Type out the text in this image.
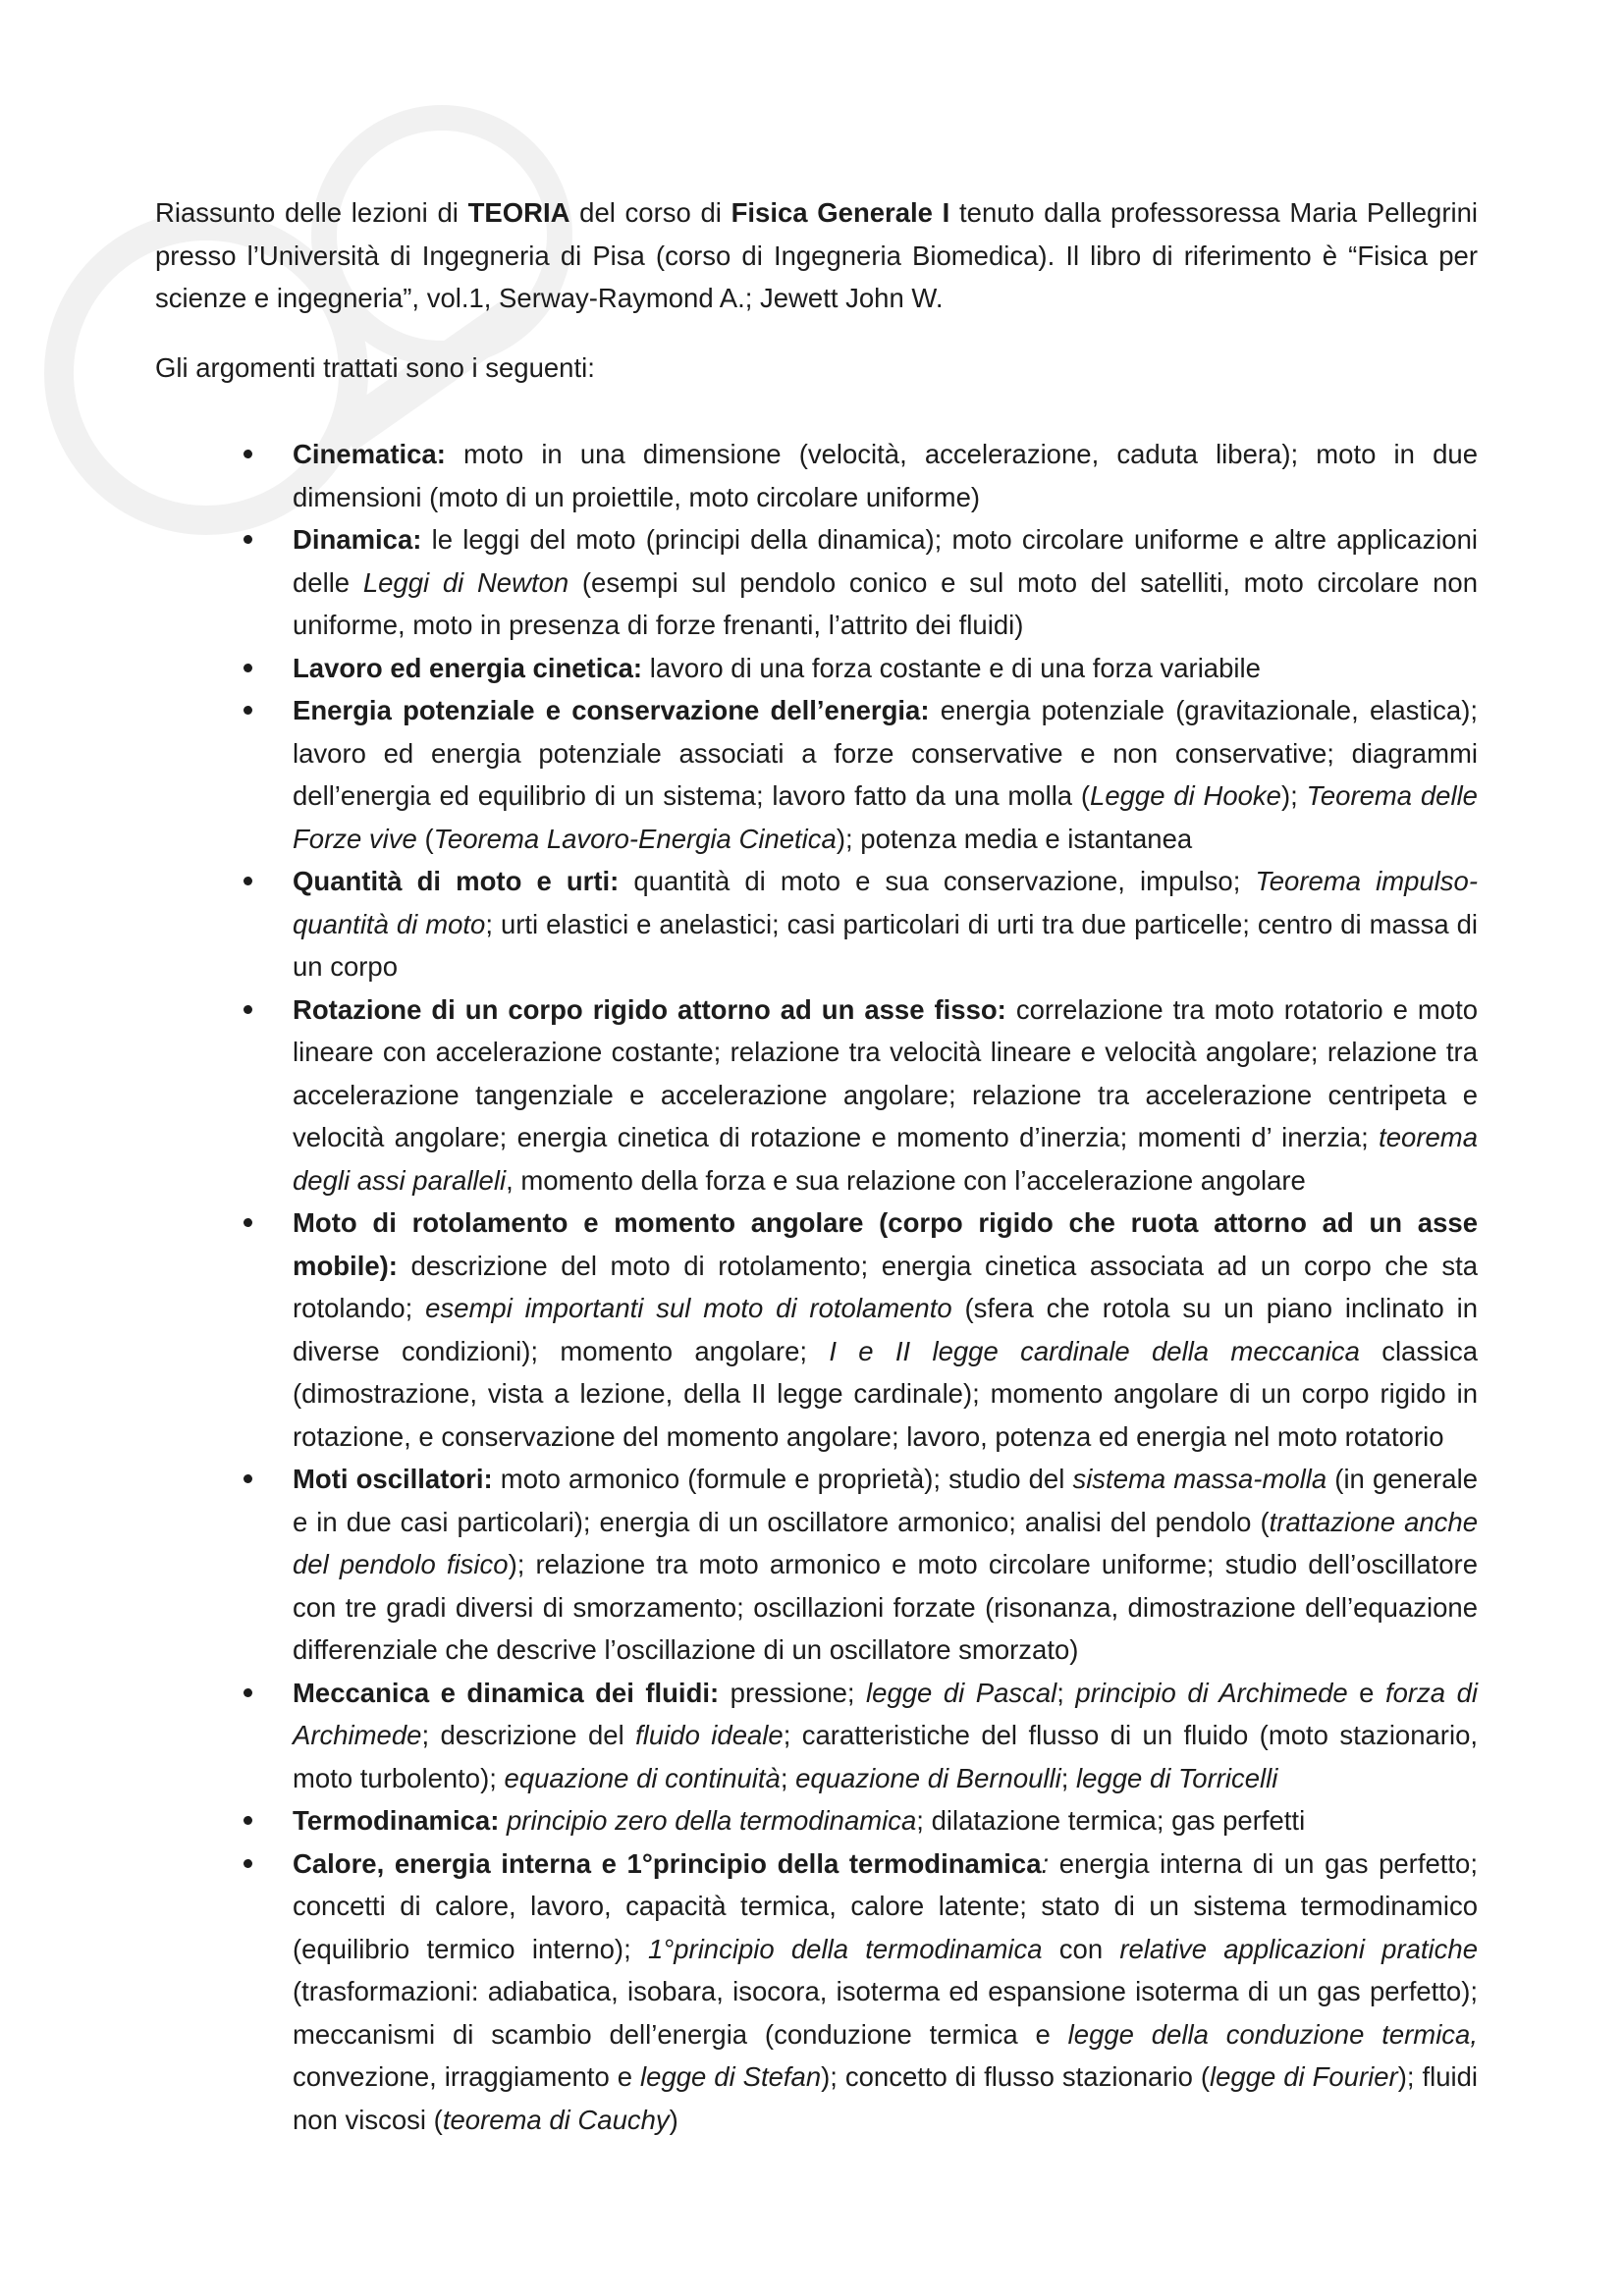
Riassunto delle lezioni di TEORIA del corso di Fisica Generale I tenuto dalla professoressa Maria Pellegrini presso l’Università di Ingegneria di Pisa (corso di Ingegneria Biomedica). Il libro di riferimento è “Fisica per scienze e ingegneria”, vol.1, Serway-Raymond A.; Jewett John W.

Gli argomenti trattati sono i seguenti:

Cinematica: moto in una dimensione (velocità, accelerazione, caduta libera); moto in due dimensioni (moto di un proiettile, moto circolare uniforme)
Dinamica: le leggi del moto (principi della dinamica); moto circolare uniforme e altre applicazioni delle Leggi di Newton (esempi sul pendolo conico e sul moto del satelliti, moto circolare non uniforme, moto in presenza di forze frenanti, l’attrito dei fluidi)
Lavoro ed energia cinetica: lavoro di una forza costante e di una forza variabile
Energia potenziale e conservazione dell’energia: energia potenziale (gravitazionale, elastica); lavoro ed energia potenziale associati a forze conservative e non conservative; diagrammi dell’energia ed equilibrio di un sistema; lavoro fatto da una molla (Legge di Hooke); Teorema delle Forze vive (Teorema Lavoro-Energia Cinetica); potenza media e istantanea
Quantità di moto e urti: quantità di moto e sua conservazione, impulso; Teorema impulso-quantità di moto; urti elastici e anelastici; casi particolari di urti tra due particelle; centro di massa di un corpo
Rotazione di un corpo rigido attorno ad un asse fisso: correlazione tra moto rotatorio e moto lineare con accelerazione costante; relazione tra velocità lineare e velocità angolare; relazione tra accelerazione tangenziale e accelerazione angolare; relazione tra accelerazione centripeta e velocità angolare; energia cinetica di rotazione e momento d’inerzia; momenti d’ inerzia; teorema degli assi paralleli, momento della forza e sua relazione con l’accelerazione angolare
Moto di rotolamento e momento angolare (corpo rigido che ruota attorno ad un asse mobile): descrizione del moto di rotolamento; energia cinetica associata ad un corpo che sta rotolando; esempi importanti sul moto di rotolamento (sfera che rotola su un piano inclinato in diverse condizioni); momento angolare; I e II legge cardinale della meccanica classica (dimostrazione, vista a lezione, della II legge cardinale); momento angolare di un corpo rigido in rotazione, e conservazione del momento angolare; lavoro, potenza ed energia nel moto rotatorio
Moti oscillatori: moto armonico (formule e proprietà); studio del sistema massa-molla (in generale e in due casi particolari); energia di un oscillatore armonico; analisi del pendolo (trattazione anche del pendolo fisico); relazione tra moto armonico e moto circolare uniforme; studio dell’oscillatore con tre gradi diversi di smorzamento; oscillazioni forzate (risonanza, dimostrazione dell’equazione differenziale che descrive l’oscillazione di un oscillatore smorzato)
Meccanica e dinamica dei fluidi: pressione; legge di Pascal; principio di Archimede e forza di Archimede; descrizione del fluido ideale; caratteristiche del flusso di un fluido (moto stazionario, moto turbolento); equazione di continuità; equazione di Bernoulli; legge di Torricelli
Termodinamica: principio zero della termodinamica; dilatazione termica; gas perfetti
Calore, energia interna e 1°principio della termodinamica: energia interna di un gas perfetto; concetti di calore, lavoro, capacità termica, calore latente; stato di un sistema termodinamico (equilibrio termico interno); 1°principio della termodinamica con relative applicazioni pratiche (trasformazioni: adiabatica, isobara, isocora, isoterma ed espansione isoterma di un gas perfetto); meccanismi di scambio dell’energia (conduzione termica e legge della conduzione termica, convezione, irraggiamento e legge di Stefan); concetto di flusso stazionario (legge di Fourier); fluidi non viscosi (teorema di Cauchy)
